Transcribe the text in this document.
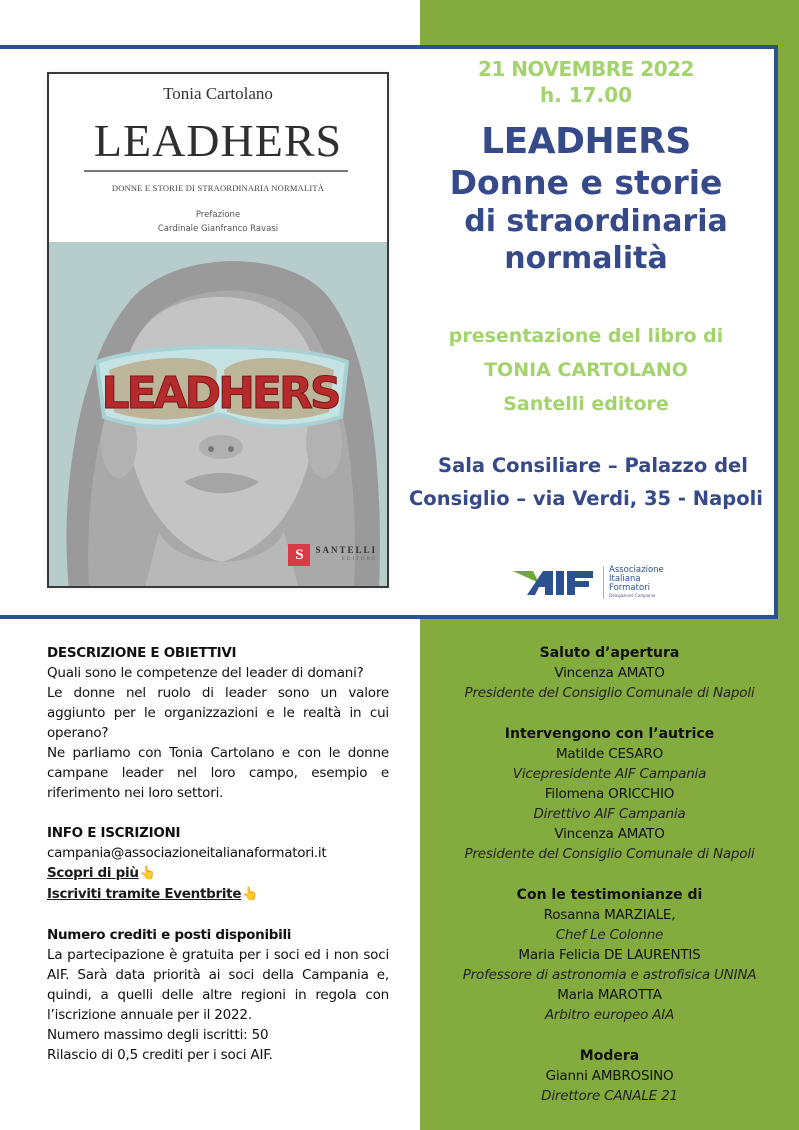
Tonia Cartolano
LEADHERS
DONNE E STORIE DI STRAORDINARIA NORMALITÀ
Prefazione
Cardinale Gianfranco Ravasi
LEADHERS
S	SANTELLI
EDITORE
21 NOVEMBRE 2022
h. 17.00
LEADHERS
Donne e storie
di straordinaria
normalità
presentazione del libro di
TONIA CARTOLANO
Santelli editore
Sala Consiliare – Palazzo del
Consiglio – via Verdi, 35 - Napoli
Associazione
Italiana
Formatori
Delegazione Campania
DESCRIZIONE E OBIETTIVI

Quali sono le competenze del leader di domani?

Le donne nel ruolo di leader sono un valore aggiunto per le organizzazioni e le realtà in cui operano?

Ne parliamo con Tonia Cartolano e con le donne campane leader nel loro campo, esempio e riferimento nei loro settori.

INFO E ISCRIZIONI
campania@associazioneitalianaformatori.it
Scopri di più👆
Iscriviti tramite Eventbrite👆
Numero crediti e posti disponibili

La partecipazione è gratuita per i soci ed i non soci AIF. Sarà data priorità ai soci della Campania e, quindi, a quelli delle altre regioni in regola con l’iscrizione annuale per il 2022.

Numero massimo degli iscritti: 50

Rilascio di 0,5 crediti per i soci AIF.

Saluto d’apertura
Vincenza AMATO
Presidente del Consiglio Comunale di Napoli
Intervengono con l’autrice
Matilde CESARO
Vicepresidente AIF Campania
Filomena ORICCHIO
Direttivo AIF Campania
Vincenza AMATO
Presidente del Consiglio Comunale di Napoli
Con le testimonianze di
Rosanna MARZIALE,
Chef Le Colonne
Maria Felicia DE LAURENTIS
Professore di astronomia e astrofisica UNINA
Maria MAROTTA
Arbitro europeo AIA
Modera
Gianni AMBROSINO
Direttore CANALE 21
